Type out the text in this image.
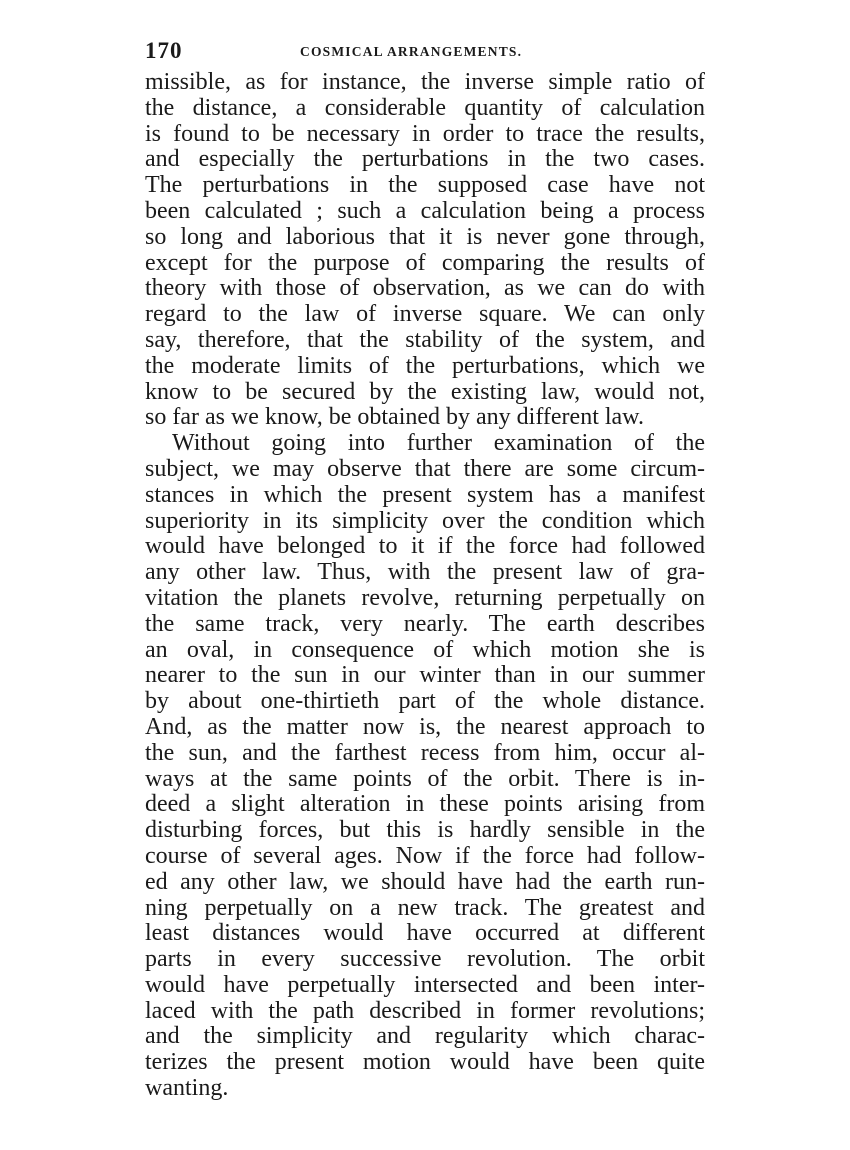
170	COSMICAL ARRANGEMENTS.
missible, as for instance, the inverse simple ratio of
the distance, a considerable quantity of calculation
is found to be necessary in order to trace the results,
and especially the perturbations in the two cases.
The perturbations in the supposed case have not
been calculated ; such a calculation being a process
so long and laborious that it is never gone through,
except for the purpose of comparing the results of
theory with those of observation, as we can do with
regard to the law of inverse square. We can only
say, therefore, that the stability of the system, and
the moderate limits of the perturbations, which we
know to be secured by the existing law, would not,
so far as we know, be obtained by any different law.
Without going into further examination of the
subject, we may observe that there are some circum-
stances in which the present system has a manifest
superiority in its simplicity over the condition which
would have belonged to it if the force had followed
any other law. Thus, with the present law of gra-
vitation the planets revolve, returning perpetually on
the same track, very nearly. The earth describes
an oval, in consequence of which motion she is
nearer to the sun in our winter than in our summer
by about one-thirtieth part of the whole distance.
And, as the matter now is, the nearest approach to
the sun, and the farthest recess from him, occur al-
ways at the same points of the orbit. There is in-
deed a slight alteration in these points arising from
disturbing forces, but this is hardly sensible in the
course of several ages. Now if the force had follow-
ed any other law, we should have had the earth run-
ning perpetually on a new track. The greatest and
least distances would have occurred at different
parts in every successive revolution. The orbit
would have perpetually intersected and been inter-
laced with the path described in former revolutions;
and the simplicity and regularity which charac-
terizes the present motion would have been quite
wanting.
